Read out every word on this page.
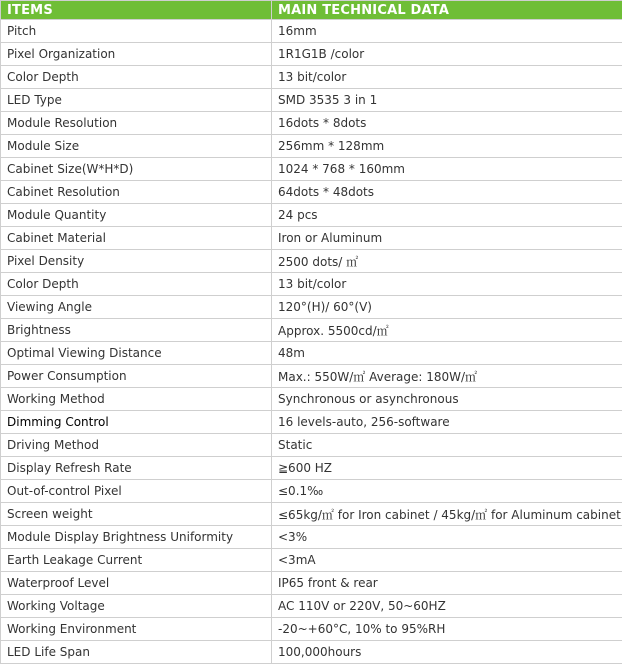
ITEMS	MAIN TECHNICAL DATA
Pitch	16mm
Pixel Organization	1R1G1B /color
Color Depth	13 bit/color
LED Type	SMD 3535 3 in 1
Module Resolution	16dots * 8dots
Module Size	256mm * 128mm
Cabinet Size(W*H*D)	1024 * 768 * 160mm
Cabinet Resolution	64dots * 48dots
Module Quantity	24 pcs
Cabinet Material	Iron or Aluminum
Pixel Density	2500 dots/ ㎡
Color Depth	13 bit/color
Viewing Angle	120°(H)/ 60°(V)
Brightness	Approx. 5500cd/㎡
Optimal Viewing Distance	48m
Power Consumption	Max.: 550W/㎡ Average: 180W/㎡
Working Method	Synchronous or asynchronous
Dimming Control	16 levels-auto, 256-software
Driving Method	Static
Display Refresh Rate	≧600 HZ
Out-of-control Pixel	≤0.1‰
Screen weight	≤65kg/㎡ for Iron cabinet / 45kg/㎡ for Aluminum cabinet
Module Display Brightness Uniformity	<3%
Earth Leakage Current	<3mA
Waterproof Level	IP65 front & rear
Working Voltage	AC 110V or 220V, 50~60HZ
Working Environment	-20~+60°C, 10% to 95%RH
LED Life Span	100,000hours
